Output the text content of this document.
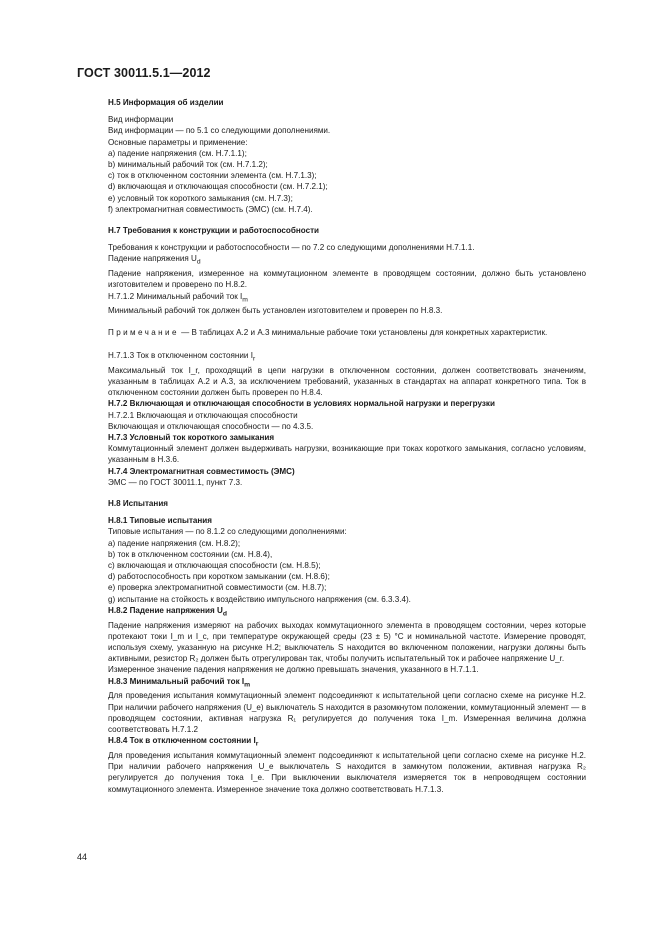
ГОСТ 30011.5.1—2012

Н.5 Информация об изделии

Вид информации

Вид информации — по 5.1 со следующими дополнениями.

Основные параметры и применение:

a) падение напряжения (см. Н.7.1.1);

b) минимальный рабочий ток (см. Н.7.1.2);

c) ток в отключенном состоянии элемента (см. Н.7.1.3);

d) включающая и отключающая способности (см. Н.7.2.1);

e) условный ток короткого замыкания (см. Н.7.3);

f) электромагнитная совместимость (ЭМС) (см. Н.7.4).

Н.7 Требования к конструкции и работоспособности

Требования к конструкции и работоспособности — по 7.2 со следующими дополнениями Н.7.1.1.

Падение напряжения $U_d$

Падение напряжения, измеренное на коммутационном элементе в проводящем состоянии, должно быть установлено изготовителем и проверено по Н.8.2.

Н.7.1.2 Минимальный рабочий ток $I_m$

Минимальный рабочий ток должен быть установлен изготовителем и проверен по Н.8.3.

Примечание — В таблицах А.2 и А.3 минимальные рабочие токи установлены для конкретных характеристик.

Н.7.1.3 Ток в отключенном состоянии $I_r$

Максимальный ток I_r, проходящий в цепи нагрузки в отключенном состоянии, должен соответствовать значениям, указанным в таблицах А.2 и А.3, за исключением требований, указанных в стандартах на аппарат конкретного типа. Ток в отключенном состоянии должен быть проверен по Н.8.4.

Н.7.2 Включающая и отключающая способности в условиях нормальной нагрузки и перегрузки

Н.7.2.1 Включающая и отключающая способности

Включающая и отключающая способности — по 4.3.5.

Н.7.3 Условный ток короткого замыкания

Коммутационный элемент должен выдерживать нагрузки, возникающие при токах короткого замыкания, согласно условиям, указанным в Н.3.6.

Н.7.4 Электромагнитная совместимость (ЭМС)

ЭМС — по ГОСТ 30011.1, пункт 7.3.

Н.8 Испытания

Н.8.1 Типовые испытания

Типовые испытания — по 8.1.2 со следующими дополнениями:

a) падение напряжения (см. Н.8.2);

b) ток в отключенном состоянии (см. Н.8.4),

c) включающая и отключающая способности (см. Н.8.5);

d) работоспособность при коротком замыкании (см. Н.8.6);

e) проверка электромагнитной совместимости (см. Н.8.7);

g) испытание на стойкость к воздействию импульсного напряжения (см. 6.3.3.4).

Н.8.2 Падение напряжения $U_d$

Падение напряжения измеряют на рабочих выходах коммутационного элемента в проводящем состоянии, через которые протекают токи I_m и I_c, при температуре окружающей среды (23 ± 5) °С и номинальной частоте. Измерение проводят, используя схему, указанную на рисунке Н.2; выключатель S находится во включенном положении, нагрузки должны быть активными, резистор R₂ должен быть отрегулирован так, чтобы получить испытательный ток и рабочее напряжение U_r.

Измеренное значение падения напряжения не должно превышать значения, указанного в Н.7.1.1.

Н.8.3 Минимальный рабочий ток $I_m$

Для проведения испытания коммутационный элемент подсоединяют к испытательной цепи согласно схеме на рисунке Н.2. При наличии рабочего напряжения (U_e) выключатель S находится в разомкнутом положении, коммутационный элемент — в проводящем состоянии, активная нагрузка R₁ регулируется до получения тока I_m. Измеренная величина должна соответствовать Н.7.1.2

Н.8.4 Ток в отключенном состоянии $I_r$

Для проведения испытания коммутационный элемент подсоединяют к испытательной цепи согласно схеме на рисунке Н.2. При наличии рабочего напряжения U_e выключатель S находится в замкнутом положении, активная нагрузка R₂ регулируется до получения тока I_e. При выключении выключателя измеряется ток в непроводящем состоянии коммутационного элемента. Измеренное значение тока должно соответствовать Н.7.1.3.

44
